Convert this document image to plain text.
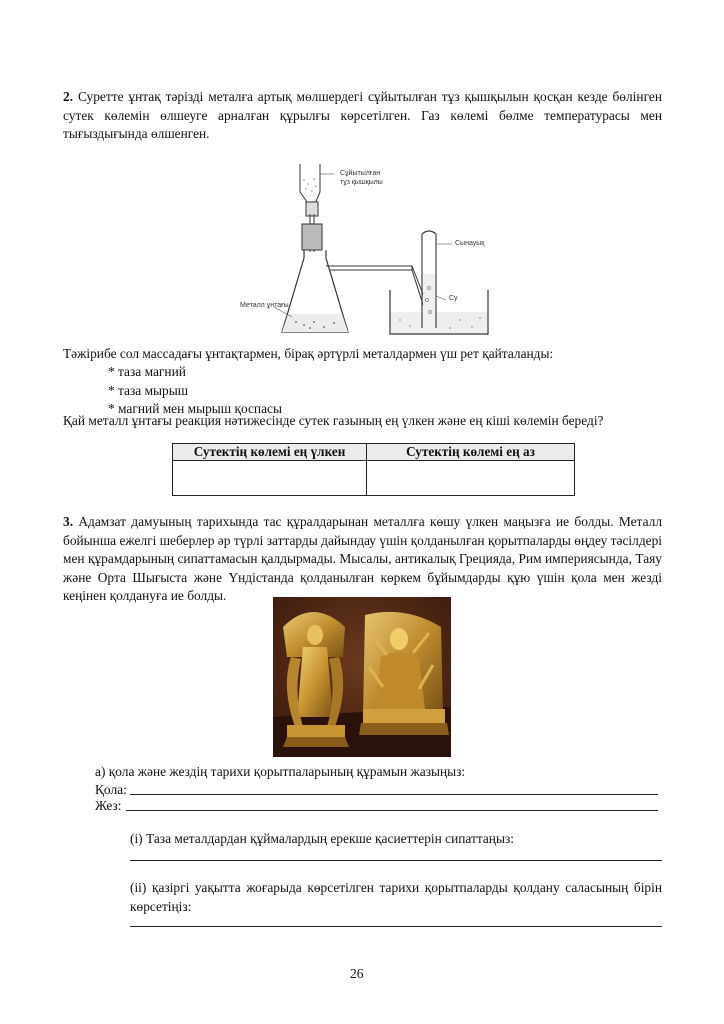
2. Суретте ұнтақ тәрізді металға артық мөлшердегі сұйытылған тұз қышқылын қосқан кезде бөлінген сутек көлемін өлшеуге арналған құрылғы көрсетілген. Газ көлемі бөлме температурасы мен тығыздығында өлшенген.
Сұйытылған
тұз қышқылы
Сынауық
Су
Металл ұнтағы
Тәжірибе сол массадағы ұнтақтармен, бірақ әртүрлі металдармен үш рет қайталанды:
* таза магний
* таза мырыш
* магний мен мырыш қоспасы
Қай металл ұнтағы реакция нәтижесінде сутек газының ең үлкен және ең кіші көлемін береді?
Сутектің көлемі ең үлкен	Сутектің көлемі ең аз

3. Адамзат дамуының тарихында тас құралдарынан металлға көшу үлкен маңызға ие болды. Металл бойынша ежелгі шеберлер әр түрлі заттарды дайындау үшін қолданылған қорытпаларды өңдеу тәсілдері мен құрамдарының сипаттамасын қалдырмады. Мысалы, антикалық Грецияда, Рим империясында, Таяу және Орта Шығыста және Үндістанда қолданылған көркем бұйымдарды құю үшін қола мен жезді кеңінен қолдануға ие болды.
а) қола және жездің тарихи қорытпаларының құрамын жазыңыз:
Қола:
Жез:
(i) Таза металдардан құймалардың ерекше қасиеттерін сипаттаңыз:
(ii) қазіргі уақытта жоғарыда көрсетілген тарихи қорытпаларды қолдану саласының бірін көрсетіңіз:
26
